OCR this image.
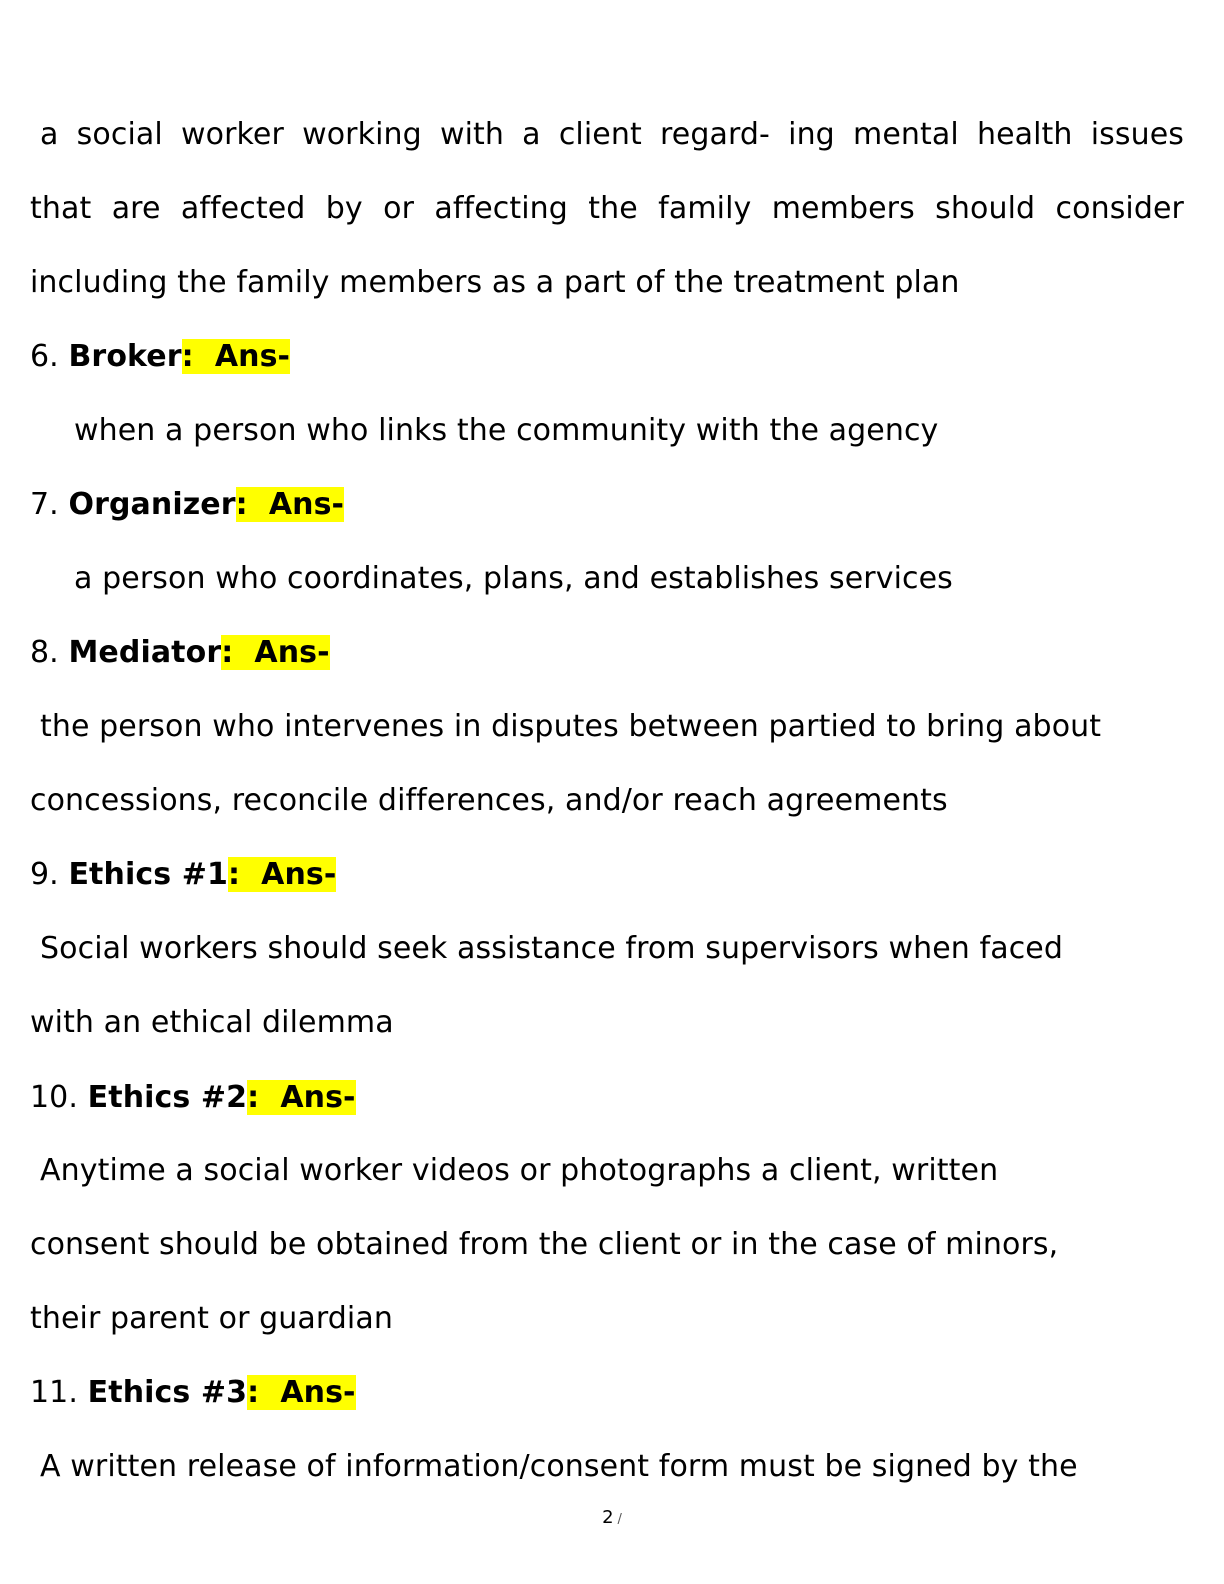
a social worker working with a client regard- ing mental health issues
that are affected by or affecting the family members should consider
including the family members as a part of the treatment plan
6. Broker:  Ans-
when a person who links the community with the agency
7. Organizer:  Ans-
a person who coordinates, plans, and establishes services
8. Mediator:  Ans-
the person who intervenes in disputes between partied to bring about
concessions, reconcile differences, and/or reach agreements
9. Ethics #1:  Ans-
Social workers should seek assistance from supervisors when faced
with an ethical dilemma
10. Ethics #2:  Ans-
Anytime a social worker videos or photographs a client, written
consent should be obtained from the client or in the case of minors,
their parent or guardian
11. Ethics #3:  Ans-
A written release of information/consent form must be signed by the
2 /
